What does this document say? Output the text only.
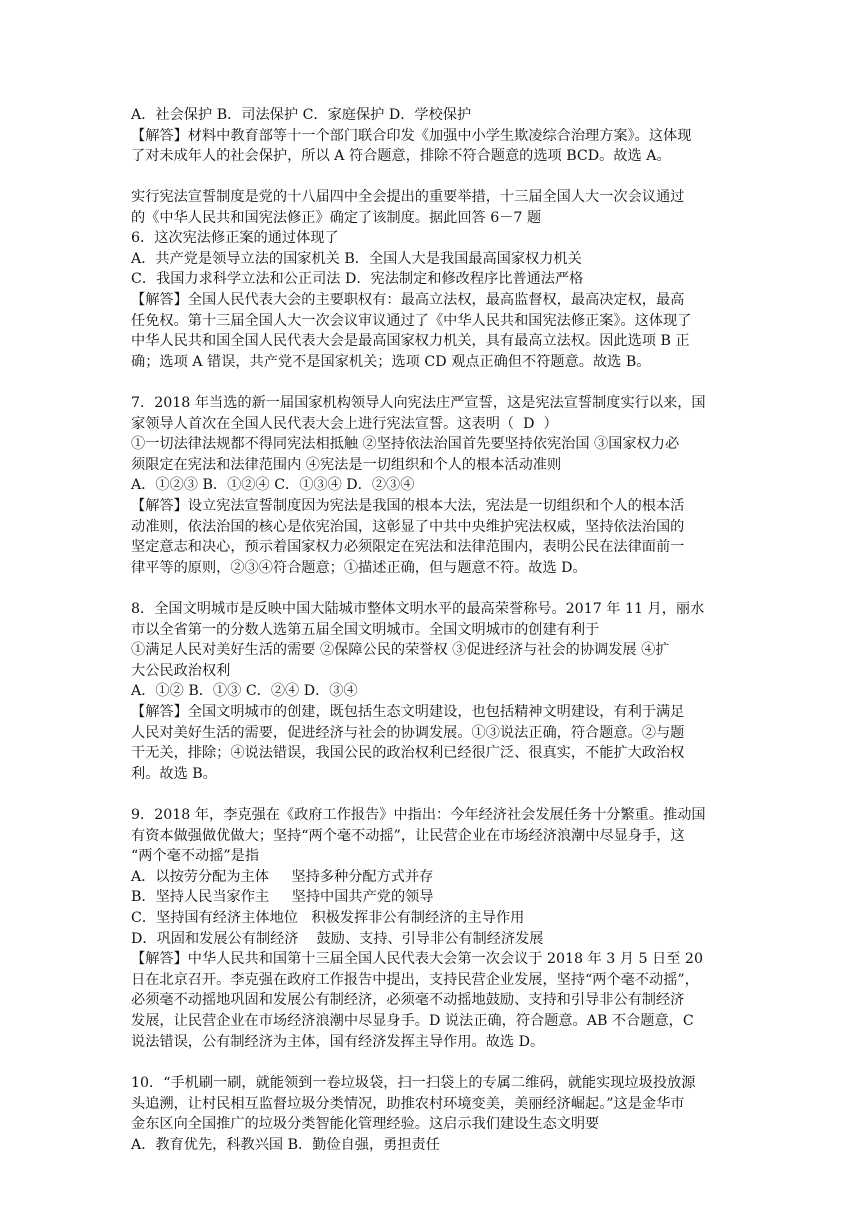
A．社会保护 B．司法保护 C．家庭保护 D．学校保护
【解答】材料中教育部等十一个部门联合印发《加强中小学生欺凌综合治理方案》。这体现
了对未成年人的社会保护，所以 A 符合题意，排除不符合题意的选项 BCD。故选 A。
实行宪法宣誓制度是党的十八届四中全会提出的重要举措，十三届全国人大一次会议通过
的《中华人民共和国宪法修正》确定了该制度。据此回答 6－7 题
6．这次宪法修正案的通过体现了
A．共产党是领导立法的国家机关 B．全国人大是我国最高国家权力机关
C．我国力求科学立法和公正司法 D．宪法制定和修改程序比普通法严格
【解答】全国人民代表大会的主要职权有：最高立法权，最高监督权，最高决定权，最高
任免权。第十三届全国人大一次会议审议通过了《中华人民共和国宪法修正案》。这体现了
中华人民共和国全国人民代表大会是最高国家权力机关，具有最高立法权。因此选项 B 正
确；选项 A 错误，共产党不是国家机关；选项 CD 观点正确但不符题意。故选 B。
7．2018 年当选的新一届国家机构领导人向宪法庄严宣誓，这是宪法宣誓制度实行以来，国
家领导人首次在全国人民代表大会上进行宪法宣誓。这表明（  D  ）
①一切法律法规都不得同宪法相抵触 ②坚持依法治国首先要坚持依宪治国 ③国家权力必
须限定在宪法和法律范围内 ④宪法是一切组织和个人的根本活动准则
A．①②③ B．①②④ C．①③④ D．②③④
【解答】设立宪法宣誓制度因为宪法是我国的根本大法，宪法是一切组织和个人的根本活
动准则，依法治国的核心是依宪治国，这彰显了中共中央维护宪法权威，坚持依法治国的
坚定意志和决心，预示着国家权力必须限定在宪法和法律范围内，表明公民在法律面前一
律平等的原则，②③④符合题意；①描述正确，但与题意不符。故选 D。
8．全国文明城市是反映中国大陆城市整体文明水平的最高荣誉称号。2017 年 11 月，丽水
市以全省第一的分数人选第五届全国文明城市。全国文明城市的创建有利于
①满足人民对美好生活的需要 ②保障公民的荣誉权 ③促进经济与社会的协调发展 ④扩
大公民政治权利
A．①② B．①③ C．②④ D．③④
【解答】全国文明城市的创建，既包括生态文明建设，也包括精神文明建设，有利于满足
人民对美好生活的需要，促进经济与社会的协调发展。①③说法正确，符合题意。②与题
干无关，排除；④说法错误，我国公民的政治权利已经很广泛、很真实，不能扩大政治权
利。故选 B。
9．2018 年，李克强在《政府工作报告》中指出：今年经济社会发展任务十分繁重。推动国
有资本做强做优做大；坚持“两个毫不动摇”，让民营企业在市场经济浪潮中尽显身手，这
“两个毫不动摇”是指
A．以按劳分配为主体     坚持多种分配方式并存
B．坚持人民当家作主     坚持中国共产党的领导
C．坚持国有经济主体地位   积极发挥非公有制经济的主导作用
D．巩固和发展公有制经济    鼓励、支持、引导非公有制经济发展
【解答】中华人民共和国第十三届全国人民代表大会第一次会议于 2018 年 3 月 5 日至 20
日在北京召开。李克强在政府工作报告中提出，支持民营企业发展，坚持“两个毫不动摇”，
必须毫不动摇地巩固和发展公有制经济，必须毫不动摇地鼓励、支持和引导非公有制经济
发展，让民营企业在市场经济浪潮中尽显身手。D 说法正确，符合题意。AB 不合题意，C
说法错误，公有制经济为主体，国有经济发挥主导作用。故选 D。
10．“手机刷一刷，就能领到一卷垃圾袋，扫一扫袋上的专属二维码，就能实现垃圾投放源
头追溯，让村民相互监督垃圾分类情况，助推农村环境变美，美丽经济崛起。”这是金华市
金东区向全国推广的垃圾分类智能化管理经验。这启示我们建设生态文明要
A．教育优先，科教兴国 B．勤俭自强，勇担责任
